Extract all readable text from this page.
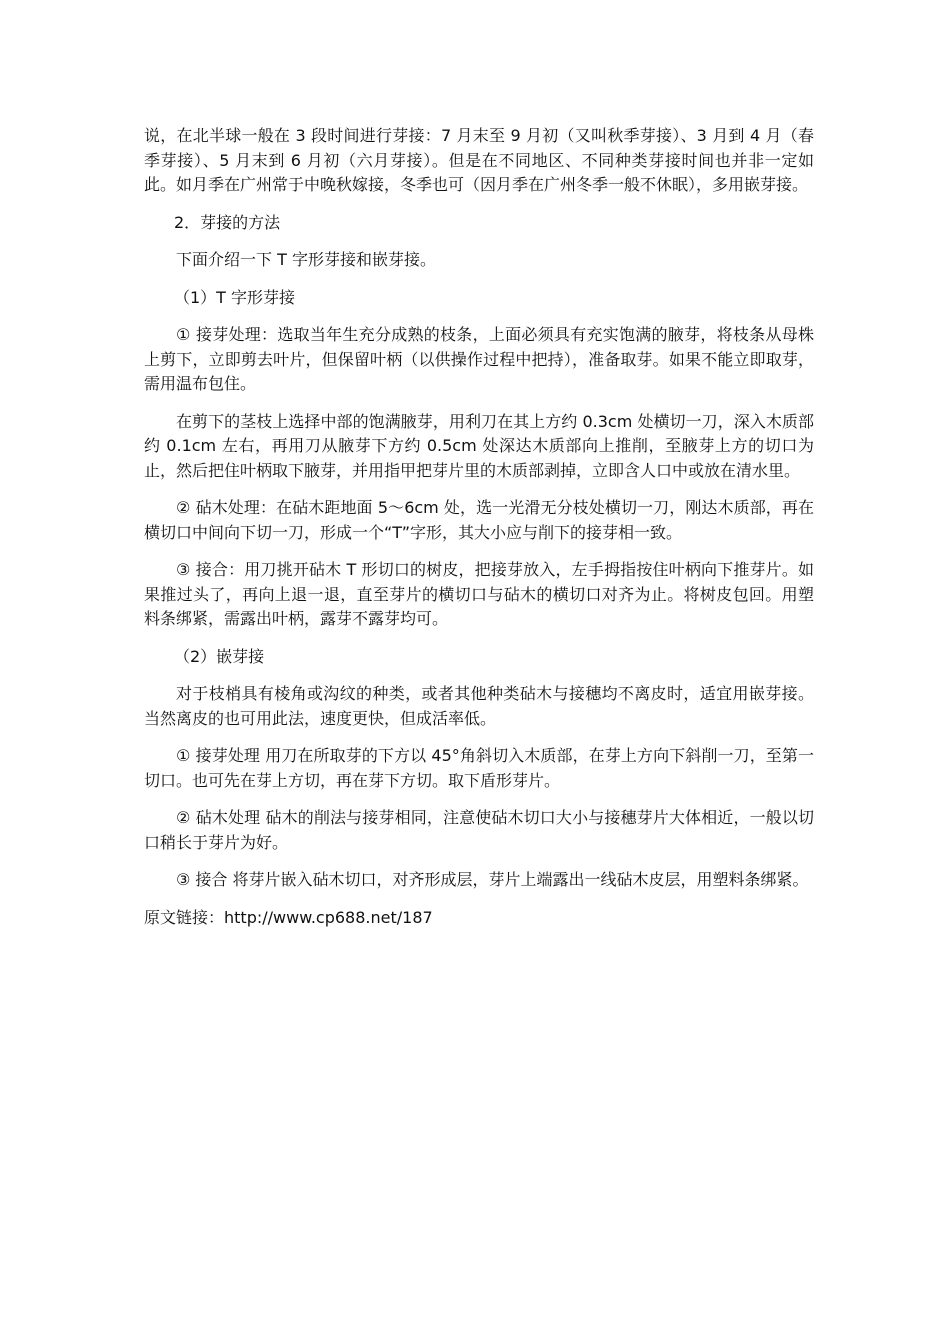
说，在北半球一般在 3 段时间进行芽接：7 月末至 9 月初（又叫秋季芽接）、3 月到 4 月（春季芽接）、5 月末到 6 月初（六月芽接）。但是在不同地区、不同种类芽接时间也并非一定如此。如月季在广州常于中晚秋嫁接，冬季也可（因月季在广州冬季一般不休眠），多用嵌芽接。

2．芽接的方法

下面介绍一下 T 字形芽接和嵌芽接。

（1）T 字形芽接

① 接芽处理：选取当年生充分成熟的枝条，上面必须具有充实饱满的腋芽，将枝条从母株上剪下，立即剪去叶片，但保留叶柄（以供操作过程中把持），准备取芽。如果不能立即取芽，需用温布包住。

在剪下的茎枝上选择中部的饱满腋芽，用利刀在其上方约 0.3cm 处横切一刀，深入木质部约 0.1cm 左右，再用刀从腋芽下方约 0.5cm 处深达木质部向上推削，至腋芽上方的切口为止，然后把住叶柄取下腋芽，并用指甲把芽片里的木质部剥掉，立即含人口中或放在清水里。

② 砧木处理：在砧木距地面 5～6cm 处，选一光滑无分枝处横切一刀，刚达木质部，再在横切口中间向下切一刀，形成一个“T”字形，其大小应与削下的接芽相一致。

③ 接合：用刀挑开砧木 T 形切口的树皮，把接芽放入，左手拇指按住叶柄向下推芽片。如果推过头了，再向上退一退，直至芽片的横切口与砧木的横切口对齐为止。将树皮包回。用塑料条绑紧，需露出叶柄，露芽不露芽均可。

（2）嵌芽接

对于枝梢具有棱角或沟纹的种类，或者其他种类砧木与接穗均不离皮时，适宜用嵌芽接。当然离皮的也可用此法，速度更快，但成活率低。

① 接芽处理 用刀在所取芽的下方以 45°角斜切入木质部，在芽上方向下斜削一刀，至第一切口。也可先在芽上方切，再在芽下方切。取下盾形芽片。

② 砧木处理 砧木的削法与接芽相同，注意使砧木切口大小与接穗芽片大体相近，一般以切口稍长于芽片为好。

③ 接合 将芽片嵌入砧木切口，对齐形成层，芽片上端露出一线砧木皮层，用塑料条绑紧。

原文链接：http://www.cp688.net/187
